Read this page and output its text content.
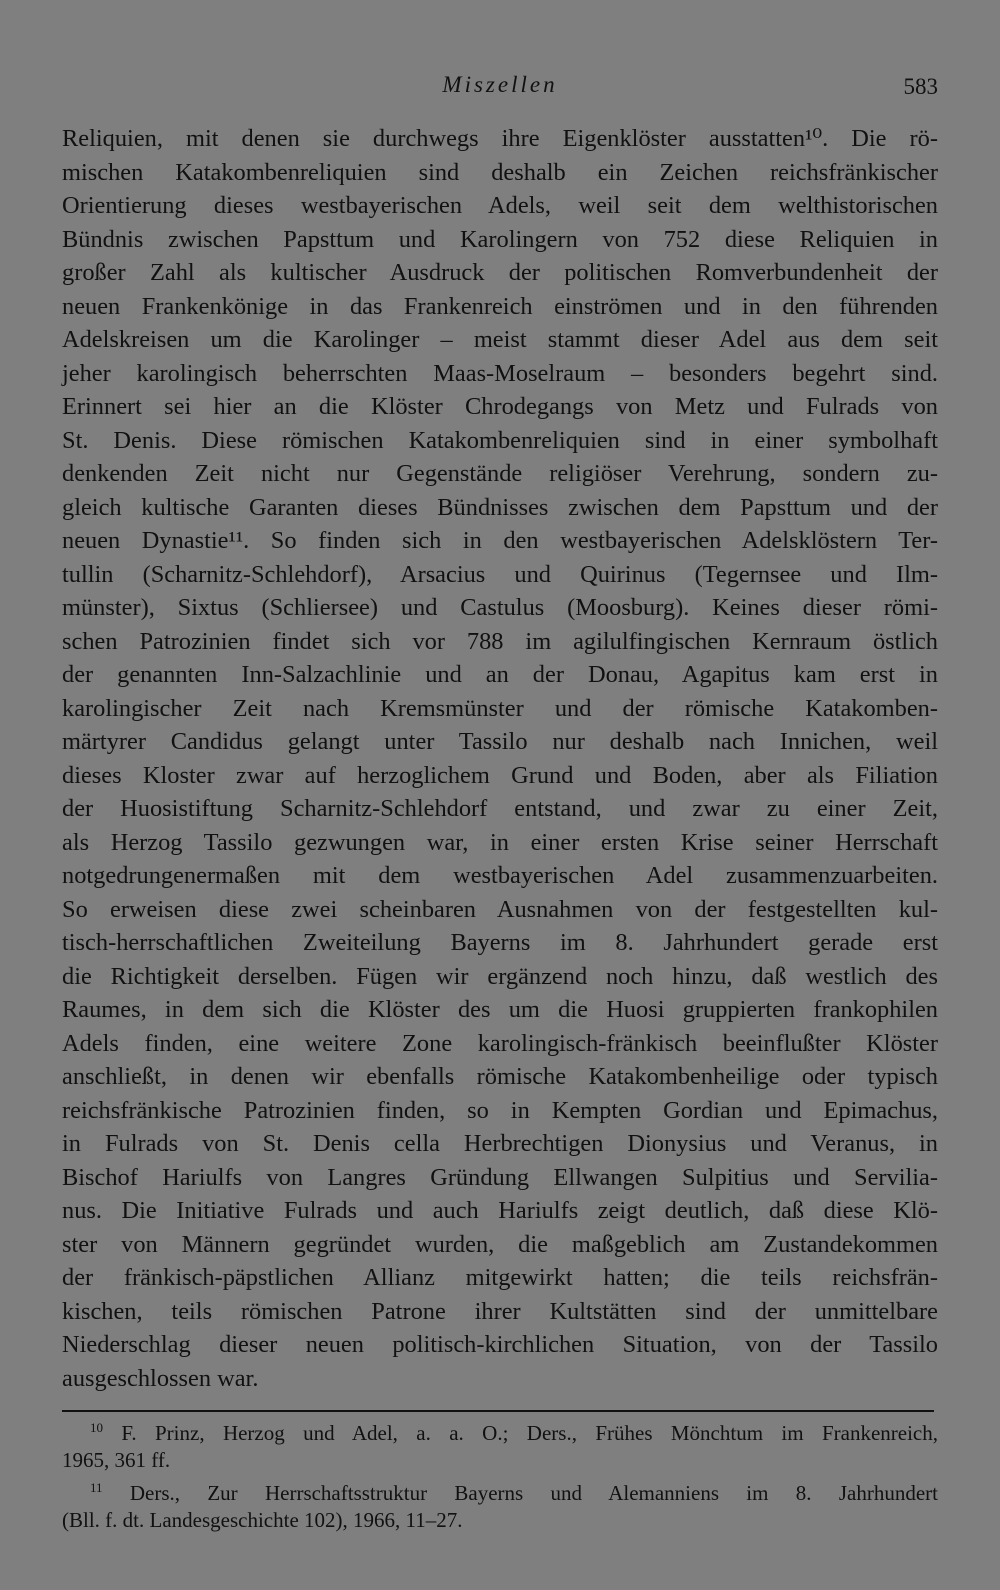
Miszellen	583
Reliquien, mit denen sie durchwegs ihre Eigenklöster ausstatten¹⁰. Die rö-
mischen Katakombenreliquien sind deshalb ein Zeichen reichsfränkischer
Orientierung dieses westbayerischen Adels, weil seit dem welthistorischen
Bündnis zwischen Papsttum und Karolingern von 752 diese Reliquien in
großer Zahl als kultischer Ausdruck der politischen Romverbundenheit der
neuen Frankenkönige in das Frankenreich einströmen und in den führenden
Adelskreisen um die Karolinger – meist stammt dieser Adel aus dem seit
jeher karolingisch beherrschten Maas-Moselraum – besonders begehrt sind.
Erinnert sei hier an die Klöster Chrodegangs von Metz und Fulrads von
St. Denis. Diese römischen Katakombenreliquien sind in einer symbolhaft
denkenden Zeit nicht nur Gegenstände religiöser Verehrung, sondern zu-
gleich kultische Garanten dieses Bündnisses zwischen dem Papsttum und der
neuen Dynastie¹¹. So finden sich in den westbayerischen Adelsklöstern Ter-
tullin (Scharnitz-Schlehdorf), Arsacius und Quirinus (Tegernsee und Ilm-
münster), Sixtus (Schliersee) und Castulus (Moosburg). Keines dieser römi-
schen Patrozinien findet sich vor 788 im agilulfingischen Kernraum östlich
der genannten Inn-Salzachlinie und an der Donau, Agapitus kam erst in
karolingischer Zeit nach Kremsmünster und der römische Katakomben-
märtyrer Candidus gelangt unter Tassilo nur deshalb nach Innichen, weil
dieses Kloster zwar auf herzoglichem Grund und Boden, aber als Filiation
der Huosistiftung Scharnitz-Schlehdorf entstand, und zwar zu einer Zeit,
als Herzog Tassilo gezwungen war, in einer ersten Krise seiner Herrschaft
notgedrungenermaßen mit dem westbayerischen Adel zusammenzuarbeiten.
So erweisen diese zwei scheinbaren Ausnahmen von der festgestellten kul-
tisch-herrschaftlichen Zweiteilung Bayerns im 8. Jahrhundert gerade erst
die Richtigkeit derselben. Fügen wir ergänzend noch hinzu, daß westlich des
Raumes, in dem sich die Klöster des um die Huosi gruppierten frankophilen
Adels finden, eine weitere Zone karolingisch-fränkisch beeinflußter Klöster
anschließt, in denen wir ebenfalls römische Katakombenheilige oder typisch
reichsfränkische Patrozinien finden, so in Kempten Gordian und Epimachus,
in Fulrads von St. Denis cella Herbrechtigen Dionysius und Veranus, in
Bischof Hariulfs von Langres Gründung Ellwangen Sulpitius und Servilia-
nus. Die Initiative Fulrads und auch Hariulfs zeigt deutlich, daß diese Klö-
ster von Männern gegründet wurden, die maßgeblich am Zustandekommen
der fränkisch-päpstlichen Allianz mitgewirkt hatten; die teils reichsfrän-
kischen, teils römischen Patrone ihrer Kultstätten sind der unmittelbare
Niederschlag dieser neuen politisch-kirchlichen Situation, von der Tassilo
ausgeschlossen war.
$^{10}$ F. Prinz, Herzog und Adel, a. a. O.; Ders., Frühes Mönchtum im Frankenreich,
1965, 361 ff.
$^{11}$ Ders., Zur Herrschaftsstruktur Bayerns und Alemanniens im 8. Jahrhundert
(Bll. f. dt. Landesgeschichte 102), 1966, 11–27.
